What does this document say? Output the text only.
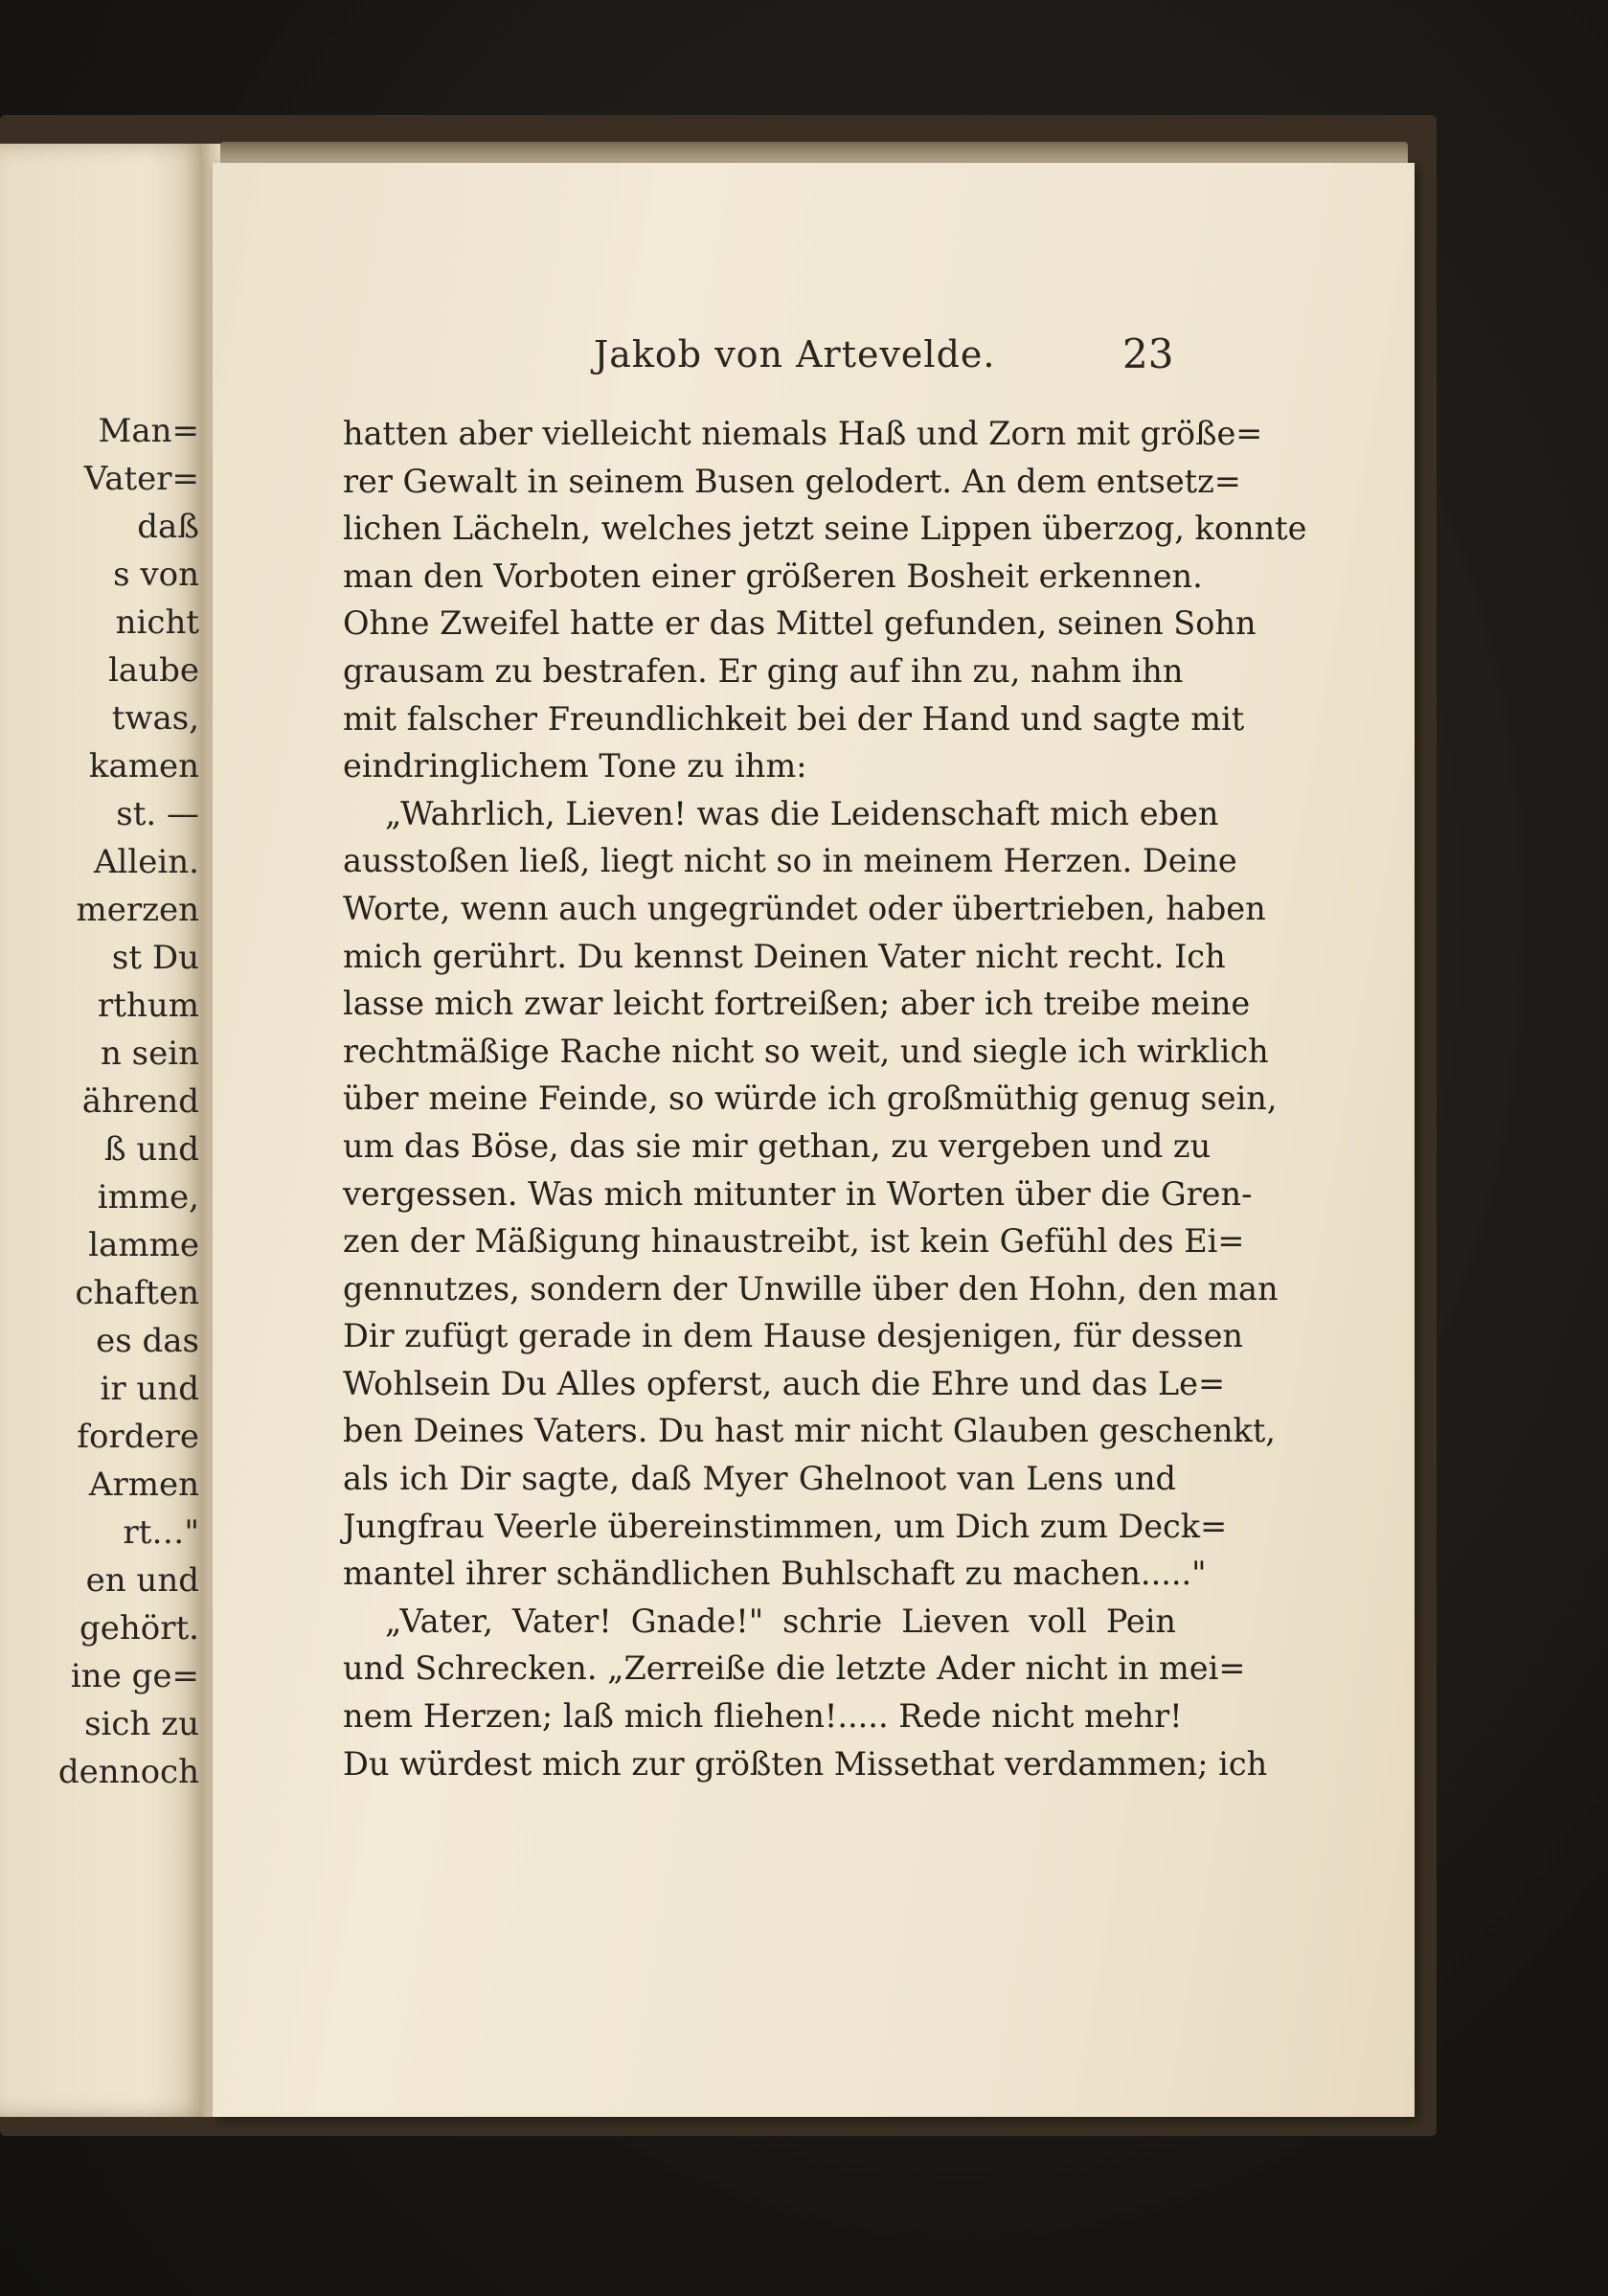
Man=
Vater=
daß
s von
nicht
laube
twas,
kamen
st. —
Allein.
merzen
st Du
rthum
n sein
ährend
ß und
imme,
lamme
chaften
es das
ir und
fordere
Armen
rt…"
en und
gehört.
ine ge=
sich zu
dennoch
Jakob von Artevelde.	23
hatten aber vielleicht niemals Haß und Zorn mit größe=
rer Gewalt in seinem Busen gelodert. An dem entsetz=
lichen Lächeln, welches jetzt seine Lippen überzog, konnte
man den Vorboten einer größeren Bosheit erkennen.
Ohne Zweifel hatte er das Mittel gefunden, seinen Sohn
grausam zu bestrafen. Er ging auf ihn zu, nahm ihn
mit falscher Freundlichkeit bei der Hand und sagte mit
eindringlichem Tone zu ihm:
„Wahrlich, Lieven! was die Leidenschaft mich eben
ausstoßen ließ, liegt nicht so in meinem Herzen. Deine
Worte, wenn auch ungegründet oder übertrieben, haben
mich gerührt. Du kennst Deinen Vater nicht recht. Ich
lasse mich zwar leicht fortreißen; aber ich treibe meine
rechtmäßige Rache nicht so weit, und siegle ich wirklich
über meine Feinde, so würde ich großmüthig genug sein,
um das Böse, das sie mir gethan, zu vergeben und zu
vergessen. Was mich mitunter in Worten über die Gren-
zen der Mäßigung hinaustreibt, ist kein Gefühl des Ei=
gennutzes, sondern der Unwille über den Hohn, den man
Dir zufügt gerade in dem Hause desjenigen, für dessen
Wohlsein Du Alles opferst, auch die Ehre und das Le=
ben Deines Vaters. Du hast mir nicht Glauben geschenkt,
als ich Dir sagte, daß Myer Ghelnoot van Lens und
Jungfrau Veerle übereinstimmen, um Dich zum Deck=
mantel ihrer schändlichen Buhlschaft zu machen....."
„Vater, Vater! Gnade!" schrie Lieven voll Pein
und Schrecken. „Zerreiße die letzte Ader nicht in mei=
nem Herzen; laß mich fliehen!..... Rede nicht mehr!
Du würdest mich zur größten Missethat verdammen; ich
